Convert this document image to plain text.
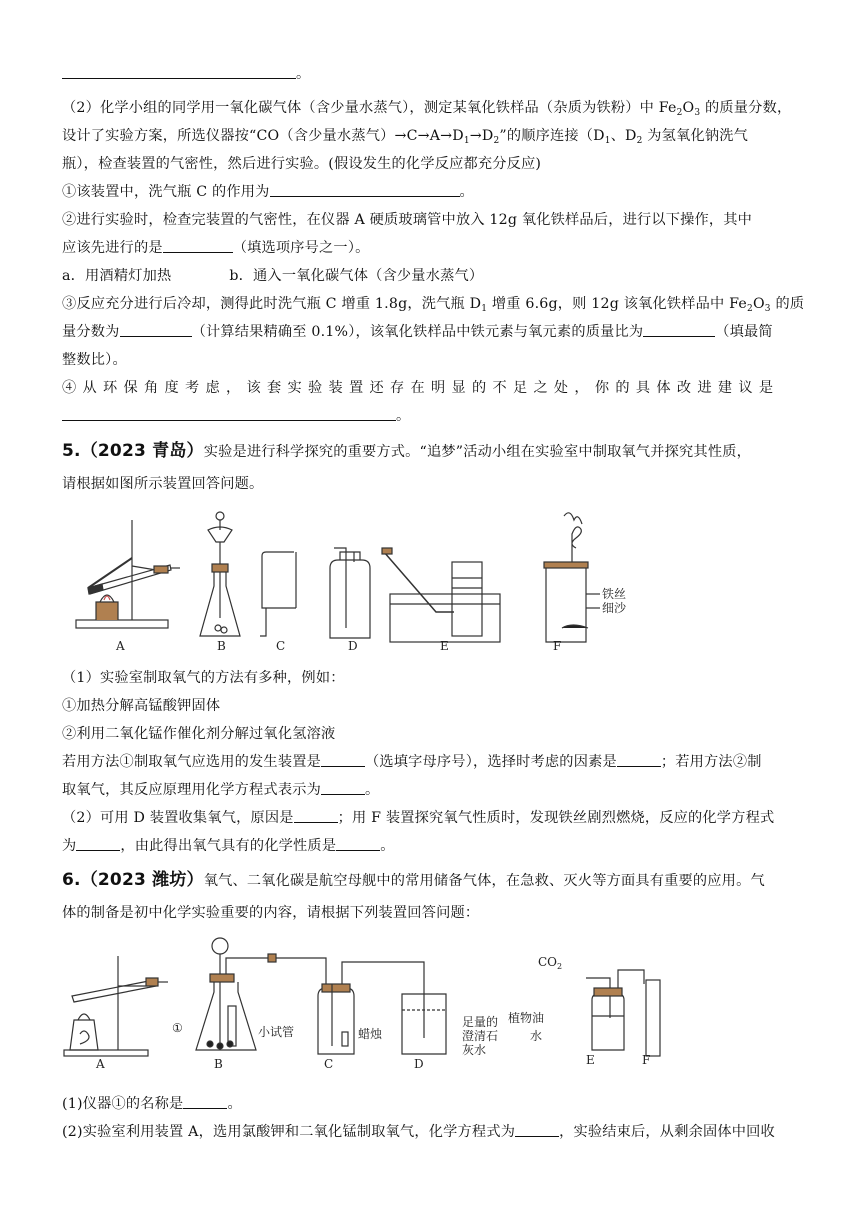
。
（2）化学小组的同学用一氧化碳气体（含少量水蒸气），测定某氧化铁样品（杂质为铁粉）中 $Fe_2O_3$ 的质量分数，
设计了实验方案，所选仪器按“CO（含少量水蒸气）$\to C\to A\to D_1\to D_2$”的顺序连接（$D_1$、$D_2$ 为氢氧化钠洗气
瓶），检查装置的气密性，然后进行实验。(假设发生的化学反应都充分反应)
①该装置中，洗气瓶 C 的作用为	。
②进行实验时，检查完装置的气密性，在仪器 A 硬质玻璃管中放入 12g 氧化铁样品后，进行以下操作，其中
应该先进行的是	（填选项序号之一）。
a．用酒精灯加热	b．通入一氧化碳气体（含少量水蒸气）
③反应充分进行后冷却，测得此时洗气瓶 C 增重 1.8g，洗气瓶 $D_1$ 增重 6.6g，则 12g 该氧化铁样品中 $Fe_2O_3$ 的质
量分数为	（计算结果精确至 0.1%），该氧化铁样品中铁元素与氧元素的质量比为	（填最简
整数比）。
④ 从 环 保 角 度 考 虑 ， 该 套 实 验 装 置 还 存 在 明 显 的 不 足 之 处 ， 你 的 具 体 改 进 建 议 是
。
5.（2023 青岛）实验是进行科学探究的重要方式。“追梦”活动小组在实验室中制取氧气并探究其性质，
请根据如图所示装置回答问题。
A	B	C	D	E	F
铁丝
细沙
（1）实验室制取氧气的方法有多种，例如：
①加热分解高锰酸钾固体
②利用二氧化锰作催化剂分解过氧化氢溶液
若用方法①制取氧气应选用的发生装置是	（选填字母序号），选择时考虑的因素是	；若用方法②制
取氧气，其反应原理用化学方程式表示为	。
（2）可用 D 装置收集氧气，原因是	；用 F 装置探究氧气性质时，发现铁丝剧烈燃烧，反应的化学方程式
为	，由此得出氧气具有的化学性质是	。
6.（2023 潍坊）氧气、二氧化碳是航空母舰中的常用储备气体，在急救、灭火等方面具有重要的应用。气
体的制备是初中化学实验重要的内容，请根据下列装置回答问题：
A	B	C	D	E	F
①	小试管	蜡烛
足量的
澄清石
灰水
植物油
水
$CO_2$
(1)仪器①的名称是	。
(2)实验室利用装置 A，选用氯酸钾和二氧化锰制取氧气，化学方程式为	，实验结束后，从剩余固体中回收
